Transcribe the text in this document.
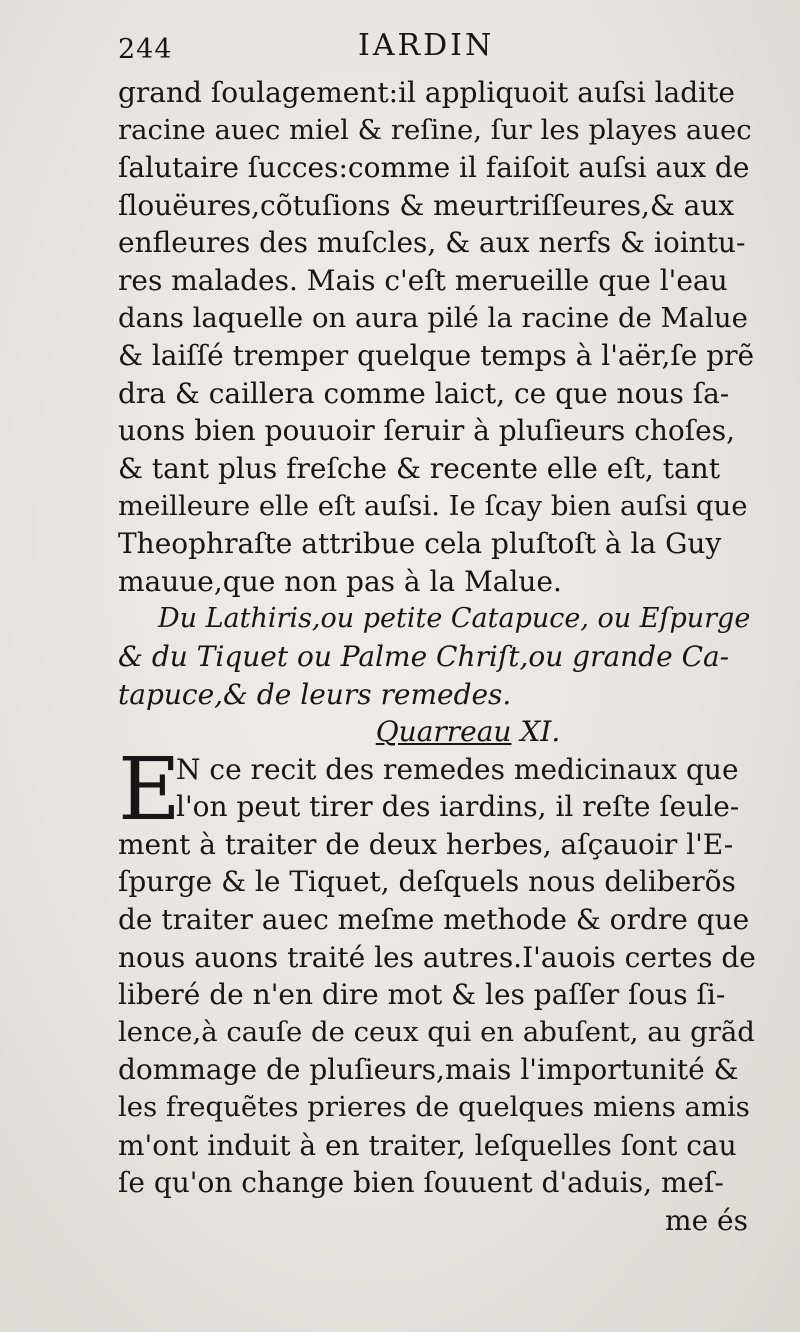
244	IARDIN
grand ſoulagement:il appliquoit auſsi ladite
racine auec miel & reſine, ſur les playes auec
ſalutaire ſucces:comme il faiſoit auſsi aux de
ſlouëures,cõtuſions & meurtriſſeures,& aux
enfleures des muſcles, & aux nerfs & iointu-
res malades. Mais c'eſt merueille que l'eau
dans laquelle on aura pilé la racine de Malue
& laiſſé tremper quelque temps à l'aër,ſe prẽ
dra & caillera comme laict, ce que nous ſa-
uons bien pouuoir ſeruir à pluſieurs choſes,
& tant plus freſche & recente elle eſt, tant
meilleure elle eſt auſsi. Ie ſcay bien auſsi que
Theophraſte attribue cela pluſtoſt à la Guy
mauue,que non pas à la Malue.
Du Lathiris,ou petite Catapuce, ou Eſpurge
& du Tiquet ou Palme Chriſt,ou grande Ca-
tapuce,& de leurs remedes.
Quarreau XI.
E
N ce recit des remedes medicinaux que
l'on peut tirer des iardins, il reſte ſeule-
ment à traiter de deux herbes, aſçauoir l'E-
ſpurge & le Tiquet, deſquels nous deliberõs
de traiter auec meſme methode & ordre que
nous auons traité les autres.I'auois certes de
liberé de n'en dire mot & les paſſer ſous ſi-
lence,à cauſe de ceux qui en abuſent, au grãd
dommage de pluſieurs,mais l'importunité &
les frequẽtes prieres de quelques miens amis
m'ont induit à en traiter, leſquelles ſont cau
ſe qu'on change bien ſouuent d'aduis, meſ-
me és
